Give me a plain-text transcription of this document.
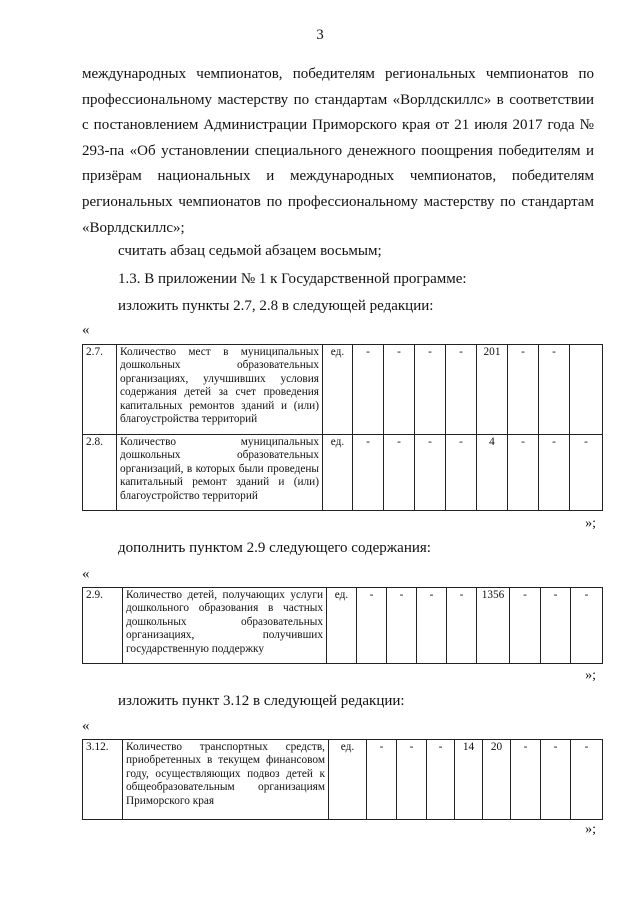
3

международных чемпионатов, победителям региональных чемпионатов по профессиональному мастерству по стандартам «Ворлдскиллс» в соответствии с постановлением Администрации Приморского края от 21 июля 2017 года № 293-па «Об установлении специального денежного поощрения победителям и призёрам национальных и международных чемпионатов, победителям региональных чемпионатов по профессиональному мастерству по стандартам «Ворлдскиллс»;

считать абзац седьмой абзацем восьмым;

1.3. В приложении № 1 к Государственной программе:

изложить пункты 2.7, 2.8 в следующей редакции:

«
2.7.	Количество мест в муниципальных дошкольных образовательных организациях, улучшивших условия содержания детей за счет проведения капитальных ремонтов зданий и (или) благоустройства территорий	ед.	-	-	-	-	201	-	-	
2.8.	Количество муниципальных дошкольных образовательных организаций, в которых были проведены капитальный ремонт зданий и (или) благоустройство территорий	ед.	-	-	-	-	4	-	-	-
»;

дополнить пунктом 2.9 следующего содержания:

«
2.9.	Количество детей, получающих услуги дошкольного образования в частных дошкольных образовательных организациях, получивших государственную поддержку	ед.	-	-	-	-	1356	-	-	-
»;

изложить пункт 3.12 в следующей редакции:

«
3.12.	Количество транспортных средств, приобретенных в текущем финансовом году, осуществляющих подвоз детей к общеобразовательным организациям Приморского края	ед.	-	-	-	14	20	-	-	-
»;
